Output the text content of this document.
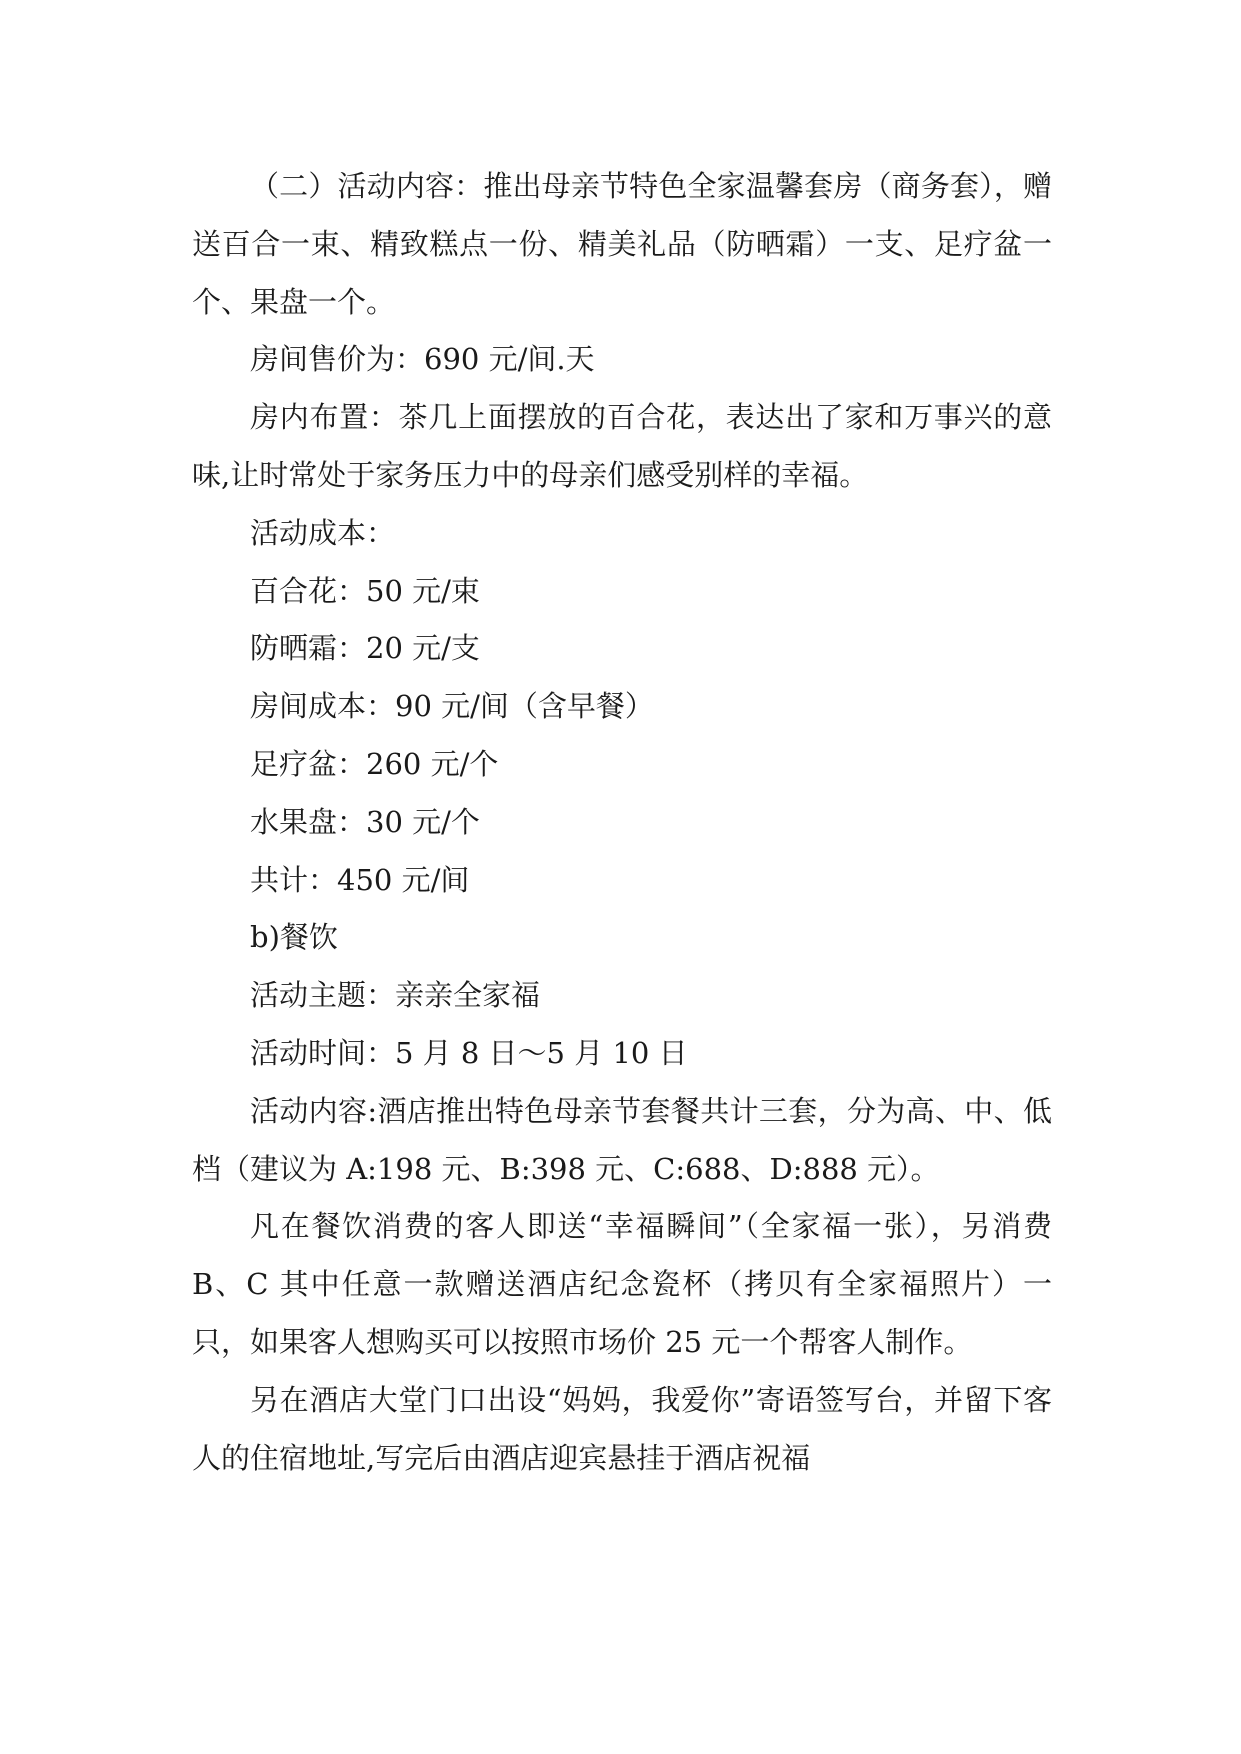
（二）活动内容：推出母亲节特色全家温馨套房（商务套），赠送百合一束、精致糕点一份、精美礼品（防晒霜）一支、足疗盆一个、果盘一个。

房间售价为：690 元/间.天

房内布置：茶几上面摆放的百合花，表达出了家和万事兴的意味,让时常处于家务压力中的母亲们感受别样的幸福。

活动成本：

百合花：50 元/束

防晒霜：20 元/支

房间成本：90 元/间（含早餐）

足疗盆：260 元/个

水果盘：30 元/个

共计：450 元/间

b)餐饮

活动主题：亲亲全家福

活动时间：5 月 8 日～5 月 10 日

活动内容:酒店推出特色母亲节套餐共计三套，分为高、中、低档（建议为 A:198 元、B:398 元、C:688、D:888 元）。

凡在餐饮消费的客人即送“幸福瞬间”（全家福一张），另消费 B、C 其中任意一款赠送酒店纪念瓷杯（拷贝有全家福照片）一只，如果客人想购买可以按照市场价 25 元一个帮客人制作。

另在酒店大堂门口出设“妈妈，我爱你”寄语签写台，并留下客人的住宿地址,写完后由酒店迎宾悬挂于酒店祝福
